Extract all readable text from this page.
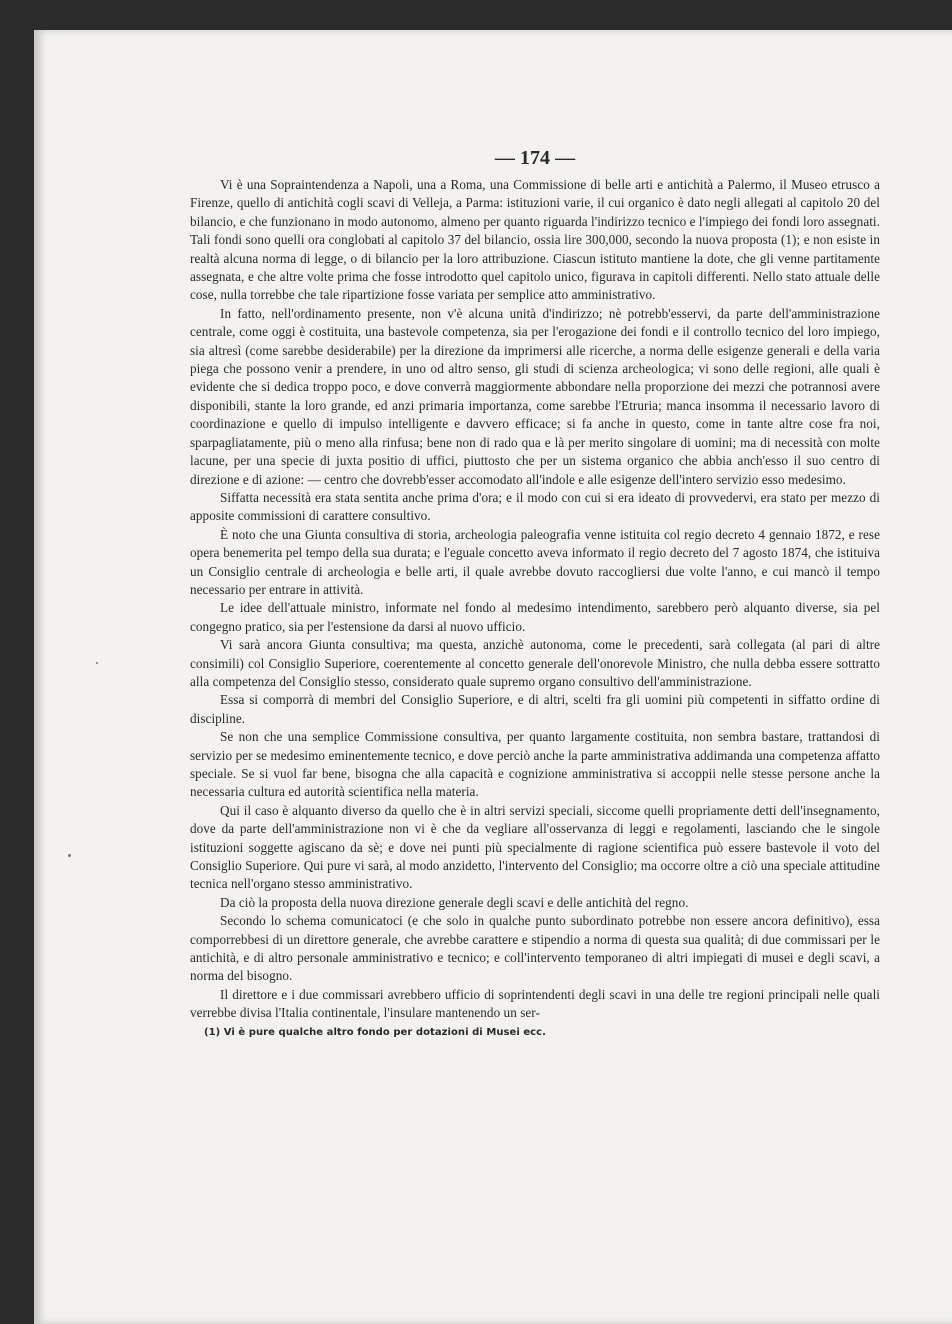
— 174 —

Vi è una Sopraintendenza a Napoli, una a Roma, una Commissione di belle arti e antichità a Palermo, il Museo etrusco a Firenze, quello di antichità cogli scavi di Velleja, a Parma: istituzioni varie, il cui organico è dato negli allegati al capitolo 20 del bilancio, e che funzionano in modo autonomo, almeno per quanto riguarda l'indirizzo tecnico e l'impiego dei fondi loro assegnati. Tali fondi sono quelli ora conglobati al capitolo 37 del bilancio, ossia lire 300,000, secondo la nuova proposta (1); e non esiste in realtà alcuna norma di legge, o di bilancio per la loro attribuzione. Ciascun istituto mantiene la dote, che gli venne partitamente assegnata, e che altre volte prima che fosse introdotto quel capitolo unico, figurava in capitoli differenti. Nello stato attuale delle cose, nulla torrebbe che tale ripartizione fosse variata per semplice atto amministrativo.

In fatto, nell'ordinamento presente, non v'è alcuna unità d'indirizzo; nè potrebb'esservi, da parte dell'amministrazione centrale, come oggi è costituita, una bastevole competenza, sia per l'erogazione dei fondi e il controllo tecnico del loro impiego, sia altresì (come sarebbe desiderabile) per la direzione da imprimersi alle ricerche, a norma delle esigenze generali e della varia piega che possono venir a prendere, in uno od altro senso, gli studi di scienza archeologica; vi sono delle regioni, alle quali è evidente che si dedica troppo poco, e dove converrà maggiormente abbondare nella proporzione dei mezzi che potrannosi avere disponibili, stante la loro grande, ed anzi primaria importanza, come sarebbe l'Etruria; manca insomma il necessario lavoro di coordinazione e quello di impulso intelligente e davvero efficace; si fa anche in questo, come in tante altre cose fra noi, sparpagliatamente, più o meno alla rinfusa; bene non di rado qua e là per merito singolare di uomini; ma di necessità con molte lacune, per una specie di juxta positio di uffici, piuttosto che per un sistema organico che abbia anch'esso il suo centro di direzione e di azione: — centro che dovrebb'esser accomodato all'indole e alle esigenze dell'intero servizio esso medesimo.

Siffatta necessità era stata sentita anche prima d'ora; e il modo con cui si era ideato di provvedervi, era stato per mezzo di apposite commissioni di carattere consultivo.

È noto che una Giunta consultiva di storia, archeologia paleografia venne istituita col regio decreto 4 gennaio 1872, e rese opera benemerita pel tempo della sua durata; e l'eguale concetto aveva informato il regio decreto del 7 agosto 1874, che istituiva un Consiglio centrale di archeologia e belle arti, il quale avrebbe dovuto raccogliersi due volte l'anno, e cui mancò il tempo necessario per entrare in attività.

Le idee dell'attuale ministro, informate nel fondo al medesimo intendimento, sarebbero però alquanto diverse, sia pel congegno pratico, sia per l'estensione da darsi al nuovo ufficio.

Vi sarà ancora Giunta consultiva; ma questa, anzichè autonoma, come le precedenti, sarà collegata (al pari di altre consimili) col Consiglio Superiore, coerentemente al concetto generale dell'onorevole Ministro, che nulla debba essere sottratto alla competenza del Consiglio stesso, considerato quale supremo organo consultivo dell'amministrazione.

Essa si comporrà di membri del Consiglio Superiore, e di altri, scelti fra gli uomini più competenti in siffatto ordine di discipline.

Se non che una semplice Commissione consultiva, per quanto largamente costituita, non sembra bastare, trattandosi di servizio per se medesimo eminentemente tecnico, e dove perciò anche la parte amministrativa addimanda una competenza affatto speciale. Se si vuol far bene, bisogna che alla capacità e cognizione amministrativa si accoppii nelle stesse persone anche la necessaria cultura ed autorità scientifica nella materia.

Qui il caso è alquanto diverso da quello che è in altri servizi speciali, siccome quelli propriamente detti dell'insegnamento, dove da parte dell'amministrazione non vi è che da vegliare all'osservanza di leggi e regolamenti, lasciando che le singole istituzioni soggette agiscano da sè; e dove nei punti più specialmente di ragione scientifica può essere bastevole il voto del Consiglio Superiore. Qui pure vi sarà, al modo anzidetto, l'intervento del Consiglio; ma occorre oltre a ciò una speciale attitudine tecnica nell'organo stesso amministrativo.

Da ciò la proposta della nuova direzione generale degli scavi e delle antichità del regno.

Secondo lo schema comunicatoci (e che solo in qualche punto subordinato potrebbe non essere ancora definitivo), essa comporrebbesi di un direttore generale, che avrebbe carattere e stipendio a norma di questa sua qualità; di due commissari per le antichità, e di altro personale amministrativo e tecnico; e coll'intervento temporaneo di altri impiegati di musei e degli scavi, a norma del bisogno.

Il direttore e i due commissari avrebbero ufficio di soprintendenti degli scavi in una delle tre regioni principali nelle quali verrebbe divisa l'Italia continentale, l'insulare mantenendo un ser-

(1) Vi è pure qualche altro fondo per dotazioni di Musei ecc.
